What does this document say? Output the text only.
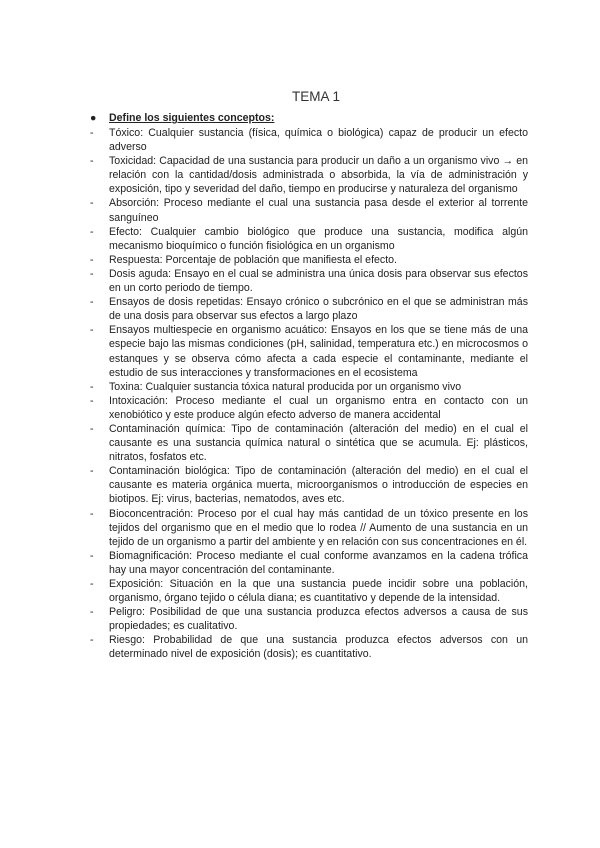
TEMA 1
● Define los siguientes conceptos:
- Tóxico: Cualquier sustancia (física, química o biológica) capaz de producir un efecto adverso
- Toxicidad: Capacidad de una sustancia para producir un daño a un organismo vivo → en relación con la cantidad/dosis administrada o absorbida, la vía de administración y exposición, tipo y severidad del daño, tiempo en producirse y naturaleza del organismo
- Absorción: Proceso mediante el cual una sustancia pasa desde el exterior al torrente sanguíneo
- Efecto: Cualquier cambio biológico que produce una sustancia, modifica algún mecanismo bioquímico o función fisiológica en un organismo
- Respuesta: Porcentaje de población que manifiesta el efecto.
- Dosis aguda: Ensayo en el cual se administra una única dosis para observar sus efectos en un corto periodo de tiempo.
- Ensayos de dosis repetidas: Ensayo crónico o subcrónico en el que se administran más de una dosis para observar sus efectos a largo plazo
- Ensayos multiespecie en organismo acuático: Ensayos en los que se tiene más de una especie bajo las mismas condiciones (pH, salinidad, temperatura etc.) en microcosmos o estanques y se observa cómo afecta a cada especie el contaminante, mediante el estudio de sus interacciones y transformaciones en el ecosistema
- Toxina: Cualquier sustancia tóxica natural producida por un organismo vivo
- Intoxicación: Proceso mediante el cual un organismo entra en contacto con un xenobiótico y este produce algún efecto adverso de manera accidental
- Contaminación química: Tipo de contaminación (alteración del medio) en el cual el causante es una sustancia química natural o sintética que se acumula. Ej: plásticos, nitratos, fosfatos etc.
- Contaminación biológica: Tipo de contaminación (alteración del medio) en el cual el causante es materia orgánica muerta, microorganismos o introducción de especies en biotipos. Ej: virus, bacterias, nematodos, aves etc.
- Bioconcentración: Proceso por el cual hay más cantidad de un tóxico presente en los tejidos del organismo que en el medio que lo rodea // Aumento de una sustancia en un tejido de un organismo a partir del ambiente y en relación con sus concentraciones en él.
- Biomagnificación: Proceso mediante el cual conforme avanzamos en la cadena trófica hay una mayor concentración del contaminante.
- Exposición: Situación en la que una sustancia puede incidir sobre una población, organismo, órgano tejido o célula diana; es cuantitativo y depende de la intensidad.
- Peligro: Posibilidad de que una sustancia produzca efectos adversos a causa de sus propiedades; es cualitativo.
- Riesgo: Probabilidad de que una sustancia produzca efectos adversos con un determinado nivel de exposición (dosis); es cuantitativo.
